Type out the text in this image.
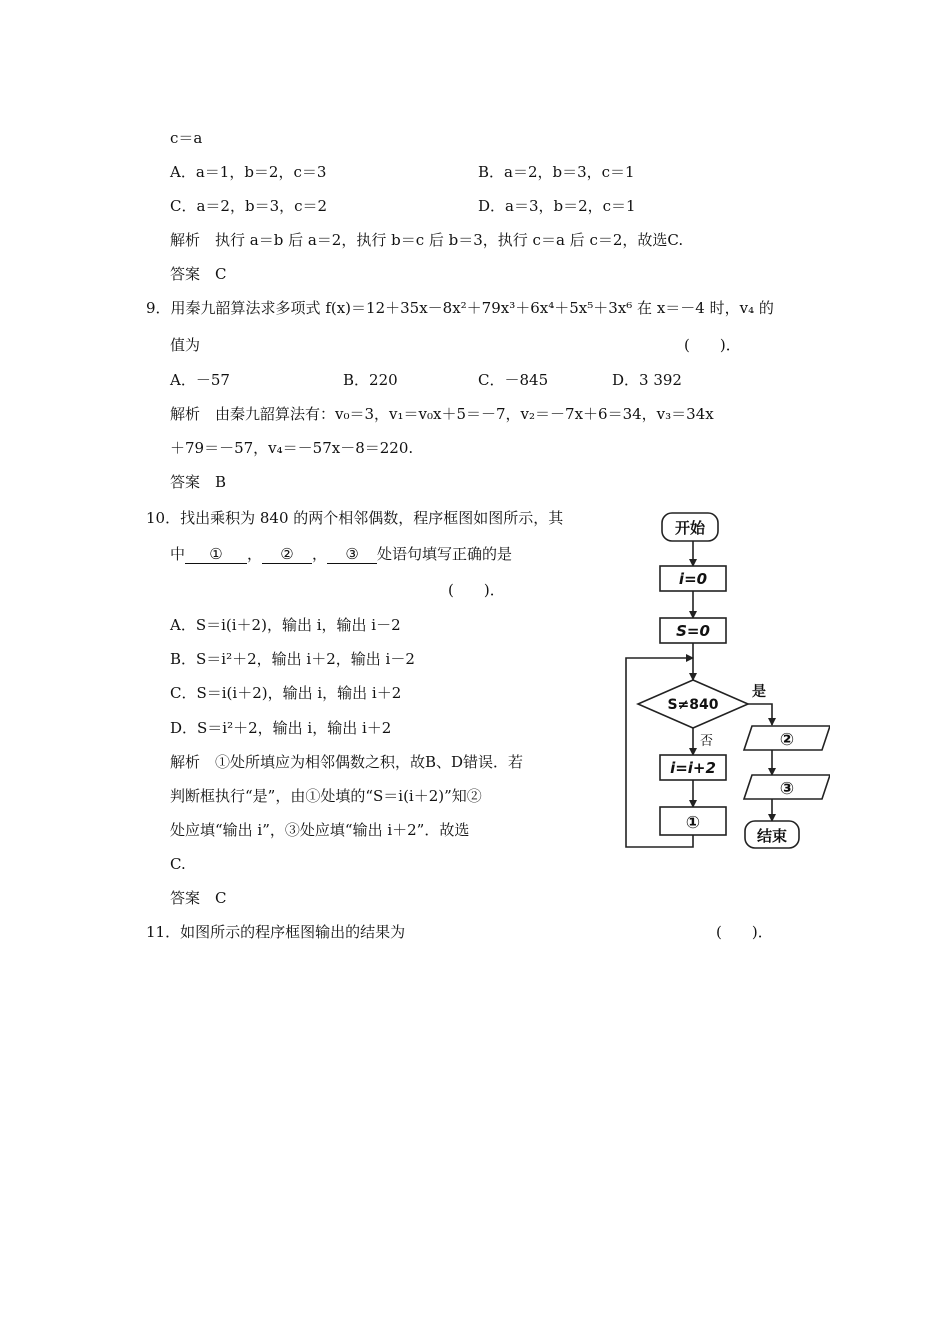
c＝a
A．a＝1，b＝2，c＝3	B．a＝2，b＝3，c＝1
C．a＝2，b＝3，c＝2	D．a＝3，b＝2，c＝1
解析　执行 a＝b 后 a＝2，执行 b＝c 后 b＝3，执行 c＝a 后 c＝2，故选C.
答案　C
9．用秦九韶算法求多项式 f(x)＝12＋35x－8x²＋79x³＋6x⁴＋5x⁵＋3x⁶ 在 x＝－4 时，v₄ 的
值为	(　　)．
A．－57	B．220	C．－845	D．3 392
解析　由秦九韶算法有：v₀＝3，v₁＝v₀x＋5＝－7，v₂＝－7x＋6＝34，v₃＝34x
＋79＝－57，v₄＝－57x－8＝220.
答案　B
10．找出乘积为 840 的两个相邻偶数，程序框图如图所示，其
中 ① ， ② ， ③ 处语句填写正确的是
(　　)．
A．S＝i(i＋2)，输出 i，输出 i－2
B．S＝i²＋2，输出 i＋2，输出 i－2
C．S＝i(i＋2)，输出 i，输出 i＋2
D．S＝i²＋2，输出 i，输出 i＋2
解析　①处所填应为相邻偶数之积，故B、D错误．若
判断框执行“是”，由①处填的“S＝i(i＋2)”知②
处应填“输出 i”，③处应填“输出 i＋2”．故选
C.
答案　C
11．如图所示的程序框图输出的结果为	(　　)．
开始
i=0
S=0
S≠840
i=i+2
①
②
③
结束
是
否
